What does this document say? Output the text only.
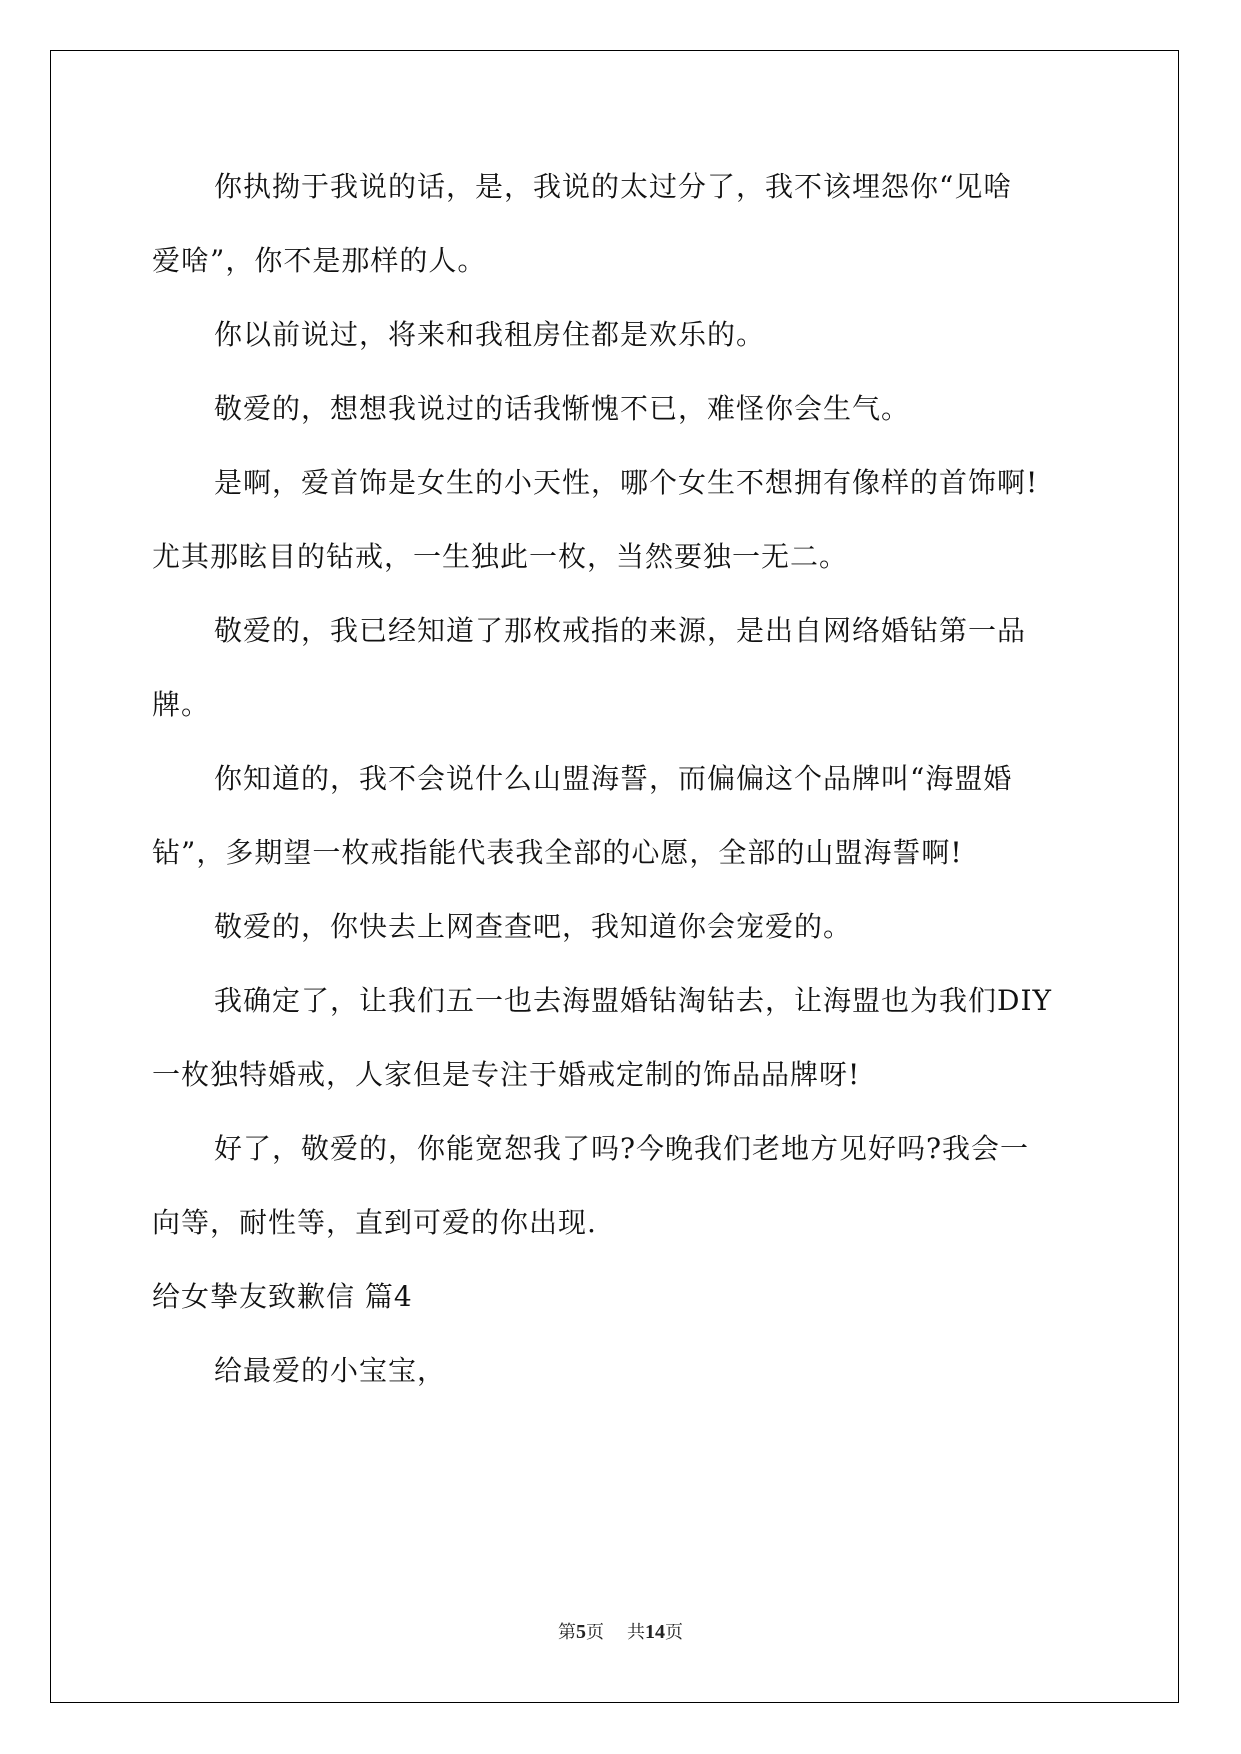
你执拗于我说的话，是，我说的太过分了，我不该埋怨你“见啥

爱啥”，你不是那样的人。

你以前说过，将来和我租房住都是欢乐的。

敬爱的，想想我说过的话我惭愧不已，难怪你会生气。

是啊，爱首饰是女生的小天性，哪个女生不想拥有像样的首饰啊!

尤其那眩目的钻戒，一生独此一枚，当然要独一无二。

敬爱的，我已经知道了那枚戒指的来源，是出自网络婚钻第一品

牌。

你知道的，我不会说什么山盟海誓，而偏偏这个品牌叫“海盟婚

钻”，多期望一枚戒指能代表我全部的心愿，全部的山盟海誓啊!

敬爱的，你快去上网查查吧，我知道你会宠爱的。

我确定了，让我们五一也去海盟婚钻淘钻去，让海盟也为我们DIY

一枚独特婚戒，人家但是专注于婚戒定制的饰品品牌呀!

好了，敬爱的，你能宽恕我了吗?今晚我们老地方见好吗?我会一

向等，耐性等，直到可爱的你出现.

给女挚友致歉信 篇4

给最爱的小宝宝，

第5页 共14页
